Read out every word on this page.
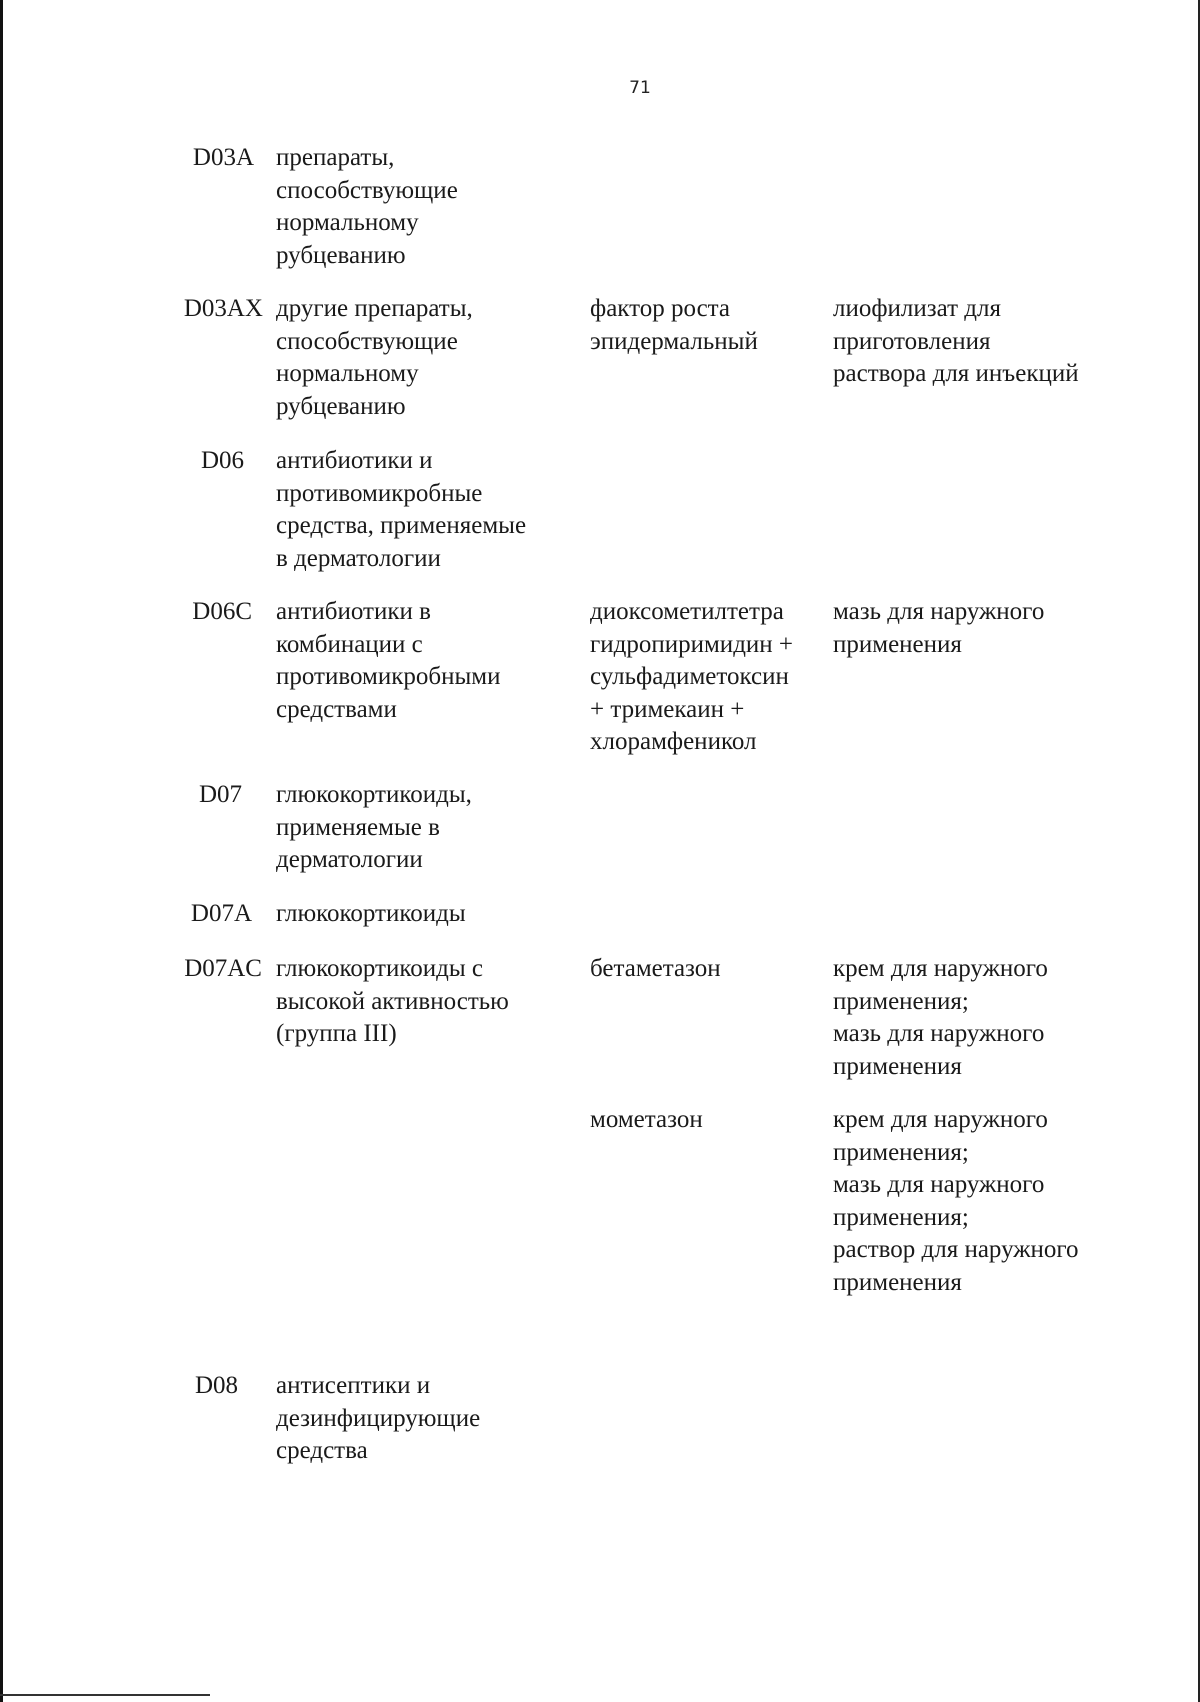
71
D03A препараты,
способствующие
нормальному
рубцеванию
D03AX другие препараты,
способствующие
нормальному
рубцеванию
фактор роста
эпидермальный
лиофилизат для
приготовления
раствора для инъекций
D06 антибиотики и
противомикробные
средства, применяемые
в дерматологии
D06C антибиотики в
комбинации с
противомикробными
средствами
диоксометилтетра
гидропиримидин +
сульфадиметоксин
+ тримекаин +
хлорамфеникол
мазь для наружного
применения
D07 глюкокортикоиды,
применяемые в
дерматологии
D07A глюкокортикоиды
D07AC глюкокортикоиды с
высокой активностью
(группа III)
бетаметазон	крем для наружного
применения;
мазь для наружного
применения
мометазон	крем для наружного
применения;
мазь для наружного
применения;
раствор для наружного
применения
D08 антисептики и
дезинфицирующие
средства
